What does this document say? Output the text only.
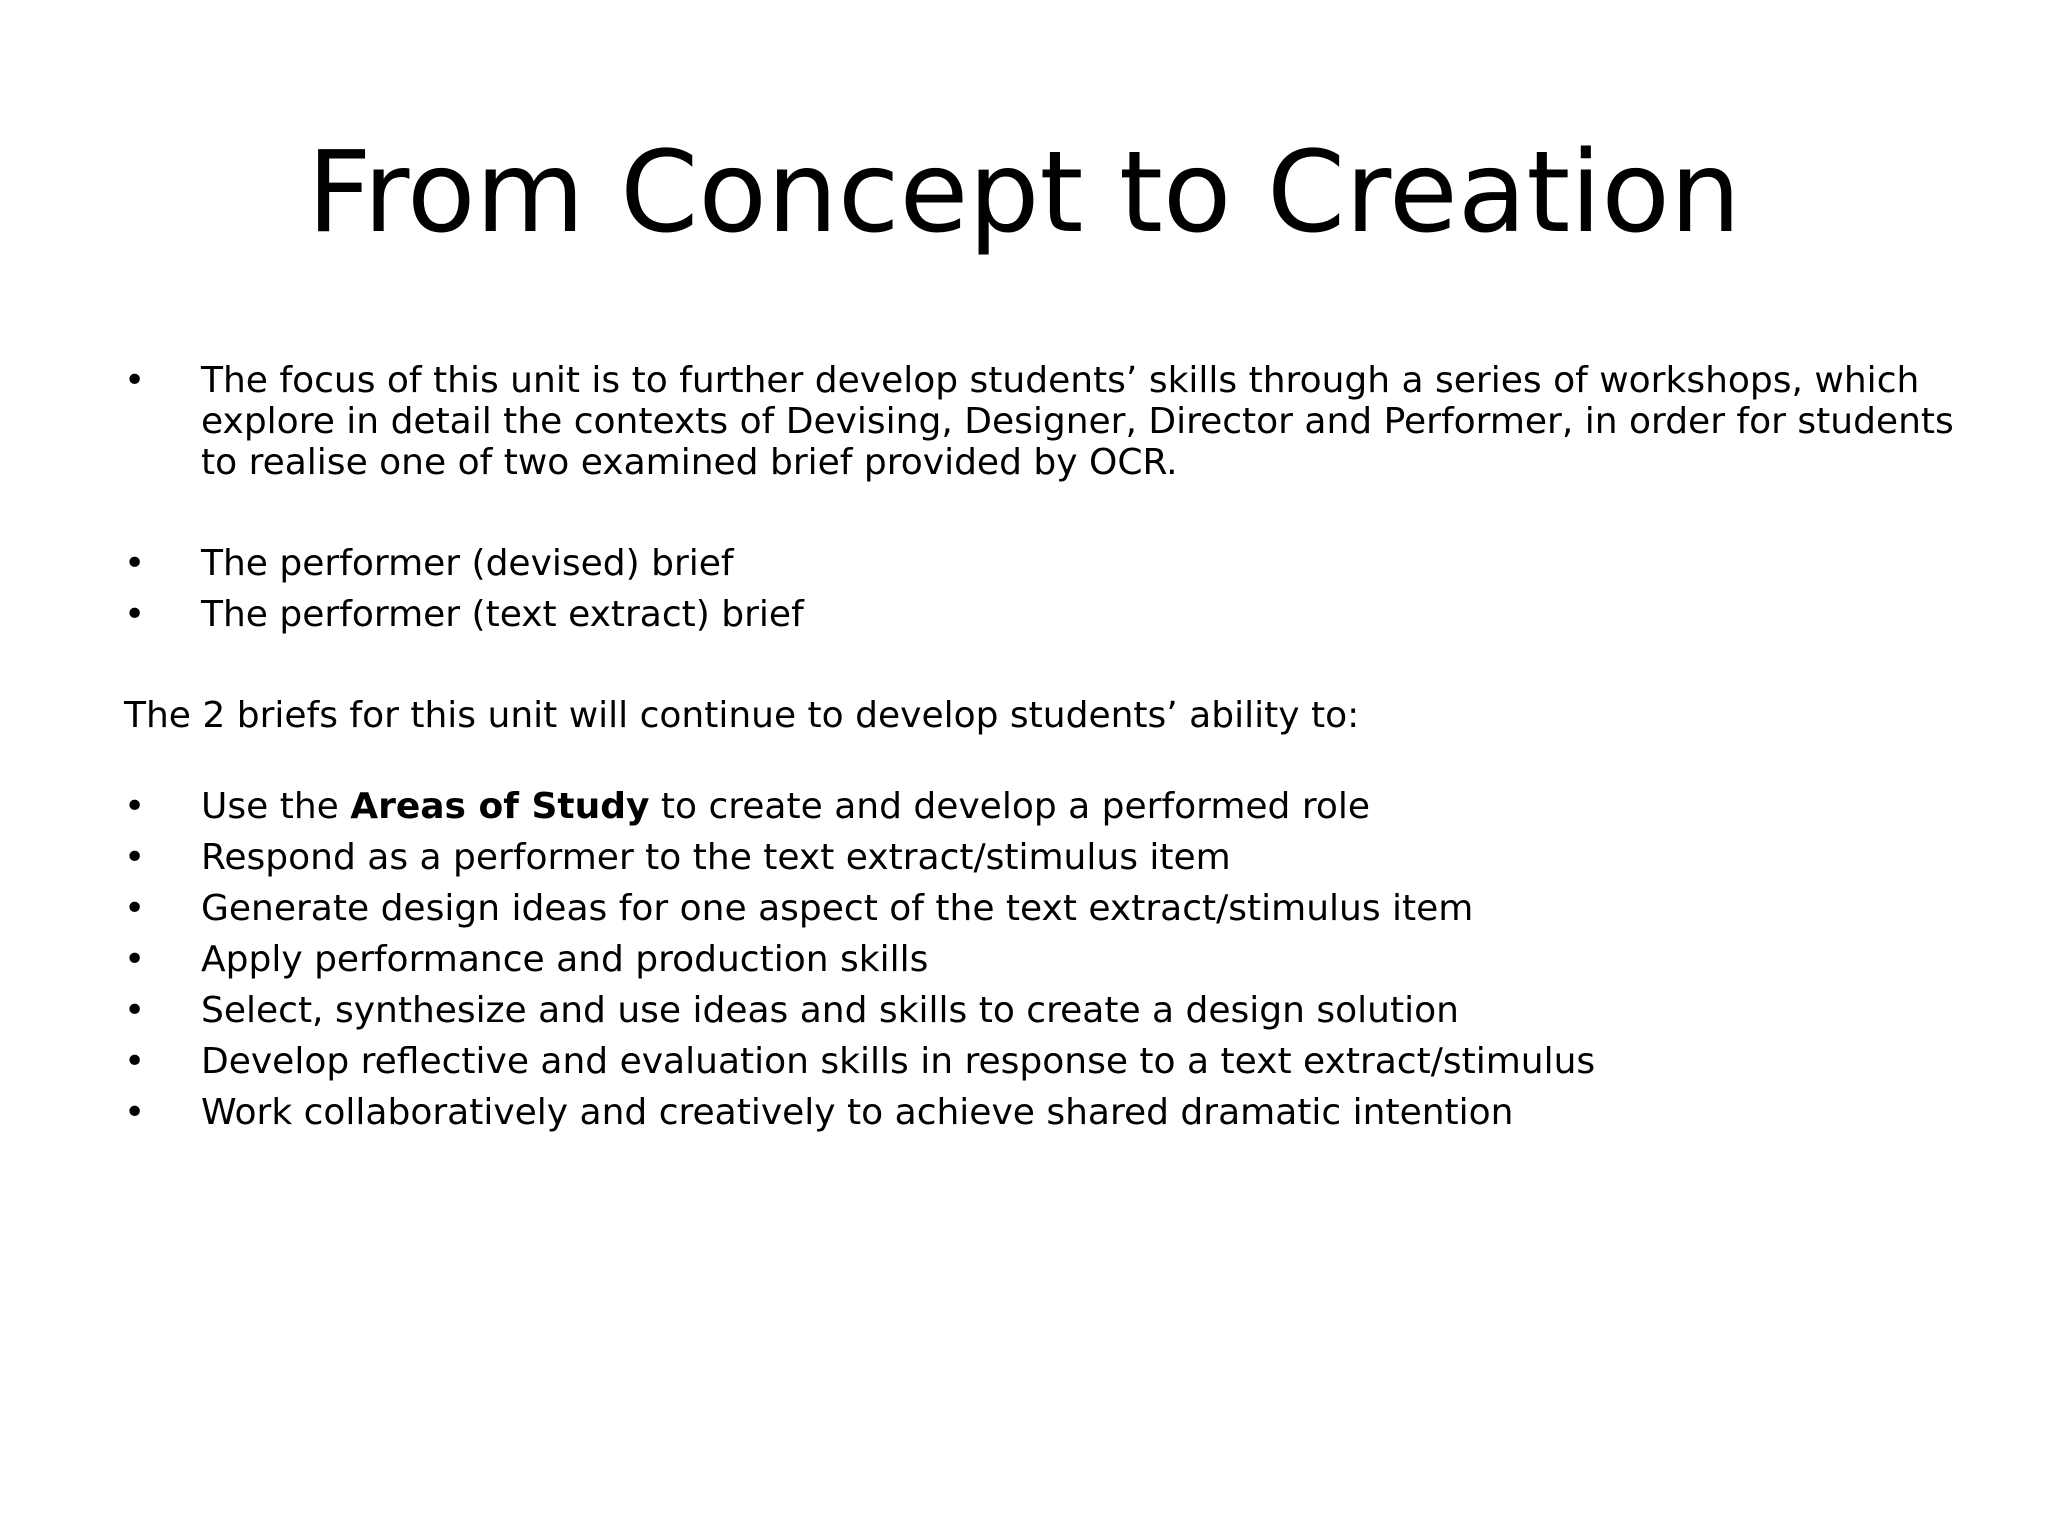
From Concept to Creation
•	The focus of this unit is to further develop students’ skills through a series of workshops, which explore in detail the contexts of Devising, Designer, Director and Performer, in order for students to realise one of two examined brief provided by OCR.
•	The performer (devised) brief
•	The performer (text extract) brief

The 2 briefs for this unit will continue to develop students’ ability to:

•	Use the Areas of Study to create and develop a performed role
•	Respond as a performer to the text extract/stimulus item
•	Generate design ideas for one aspect of the text extract/stimulus item
•	Apply performance and production skills
•	Select, synthesize and use ideas and skills to create a design solution
•	Develop reflective and evaluation skills in response to a text extract/stimulus
•	Work collaboratively and creatively to achieve shared dramatic intention
